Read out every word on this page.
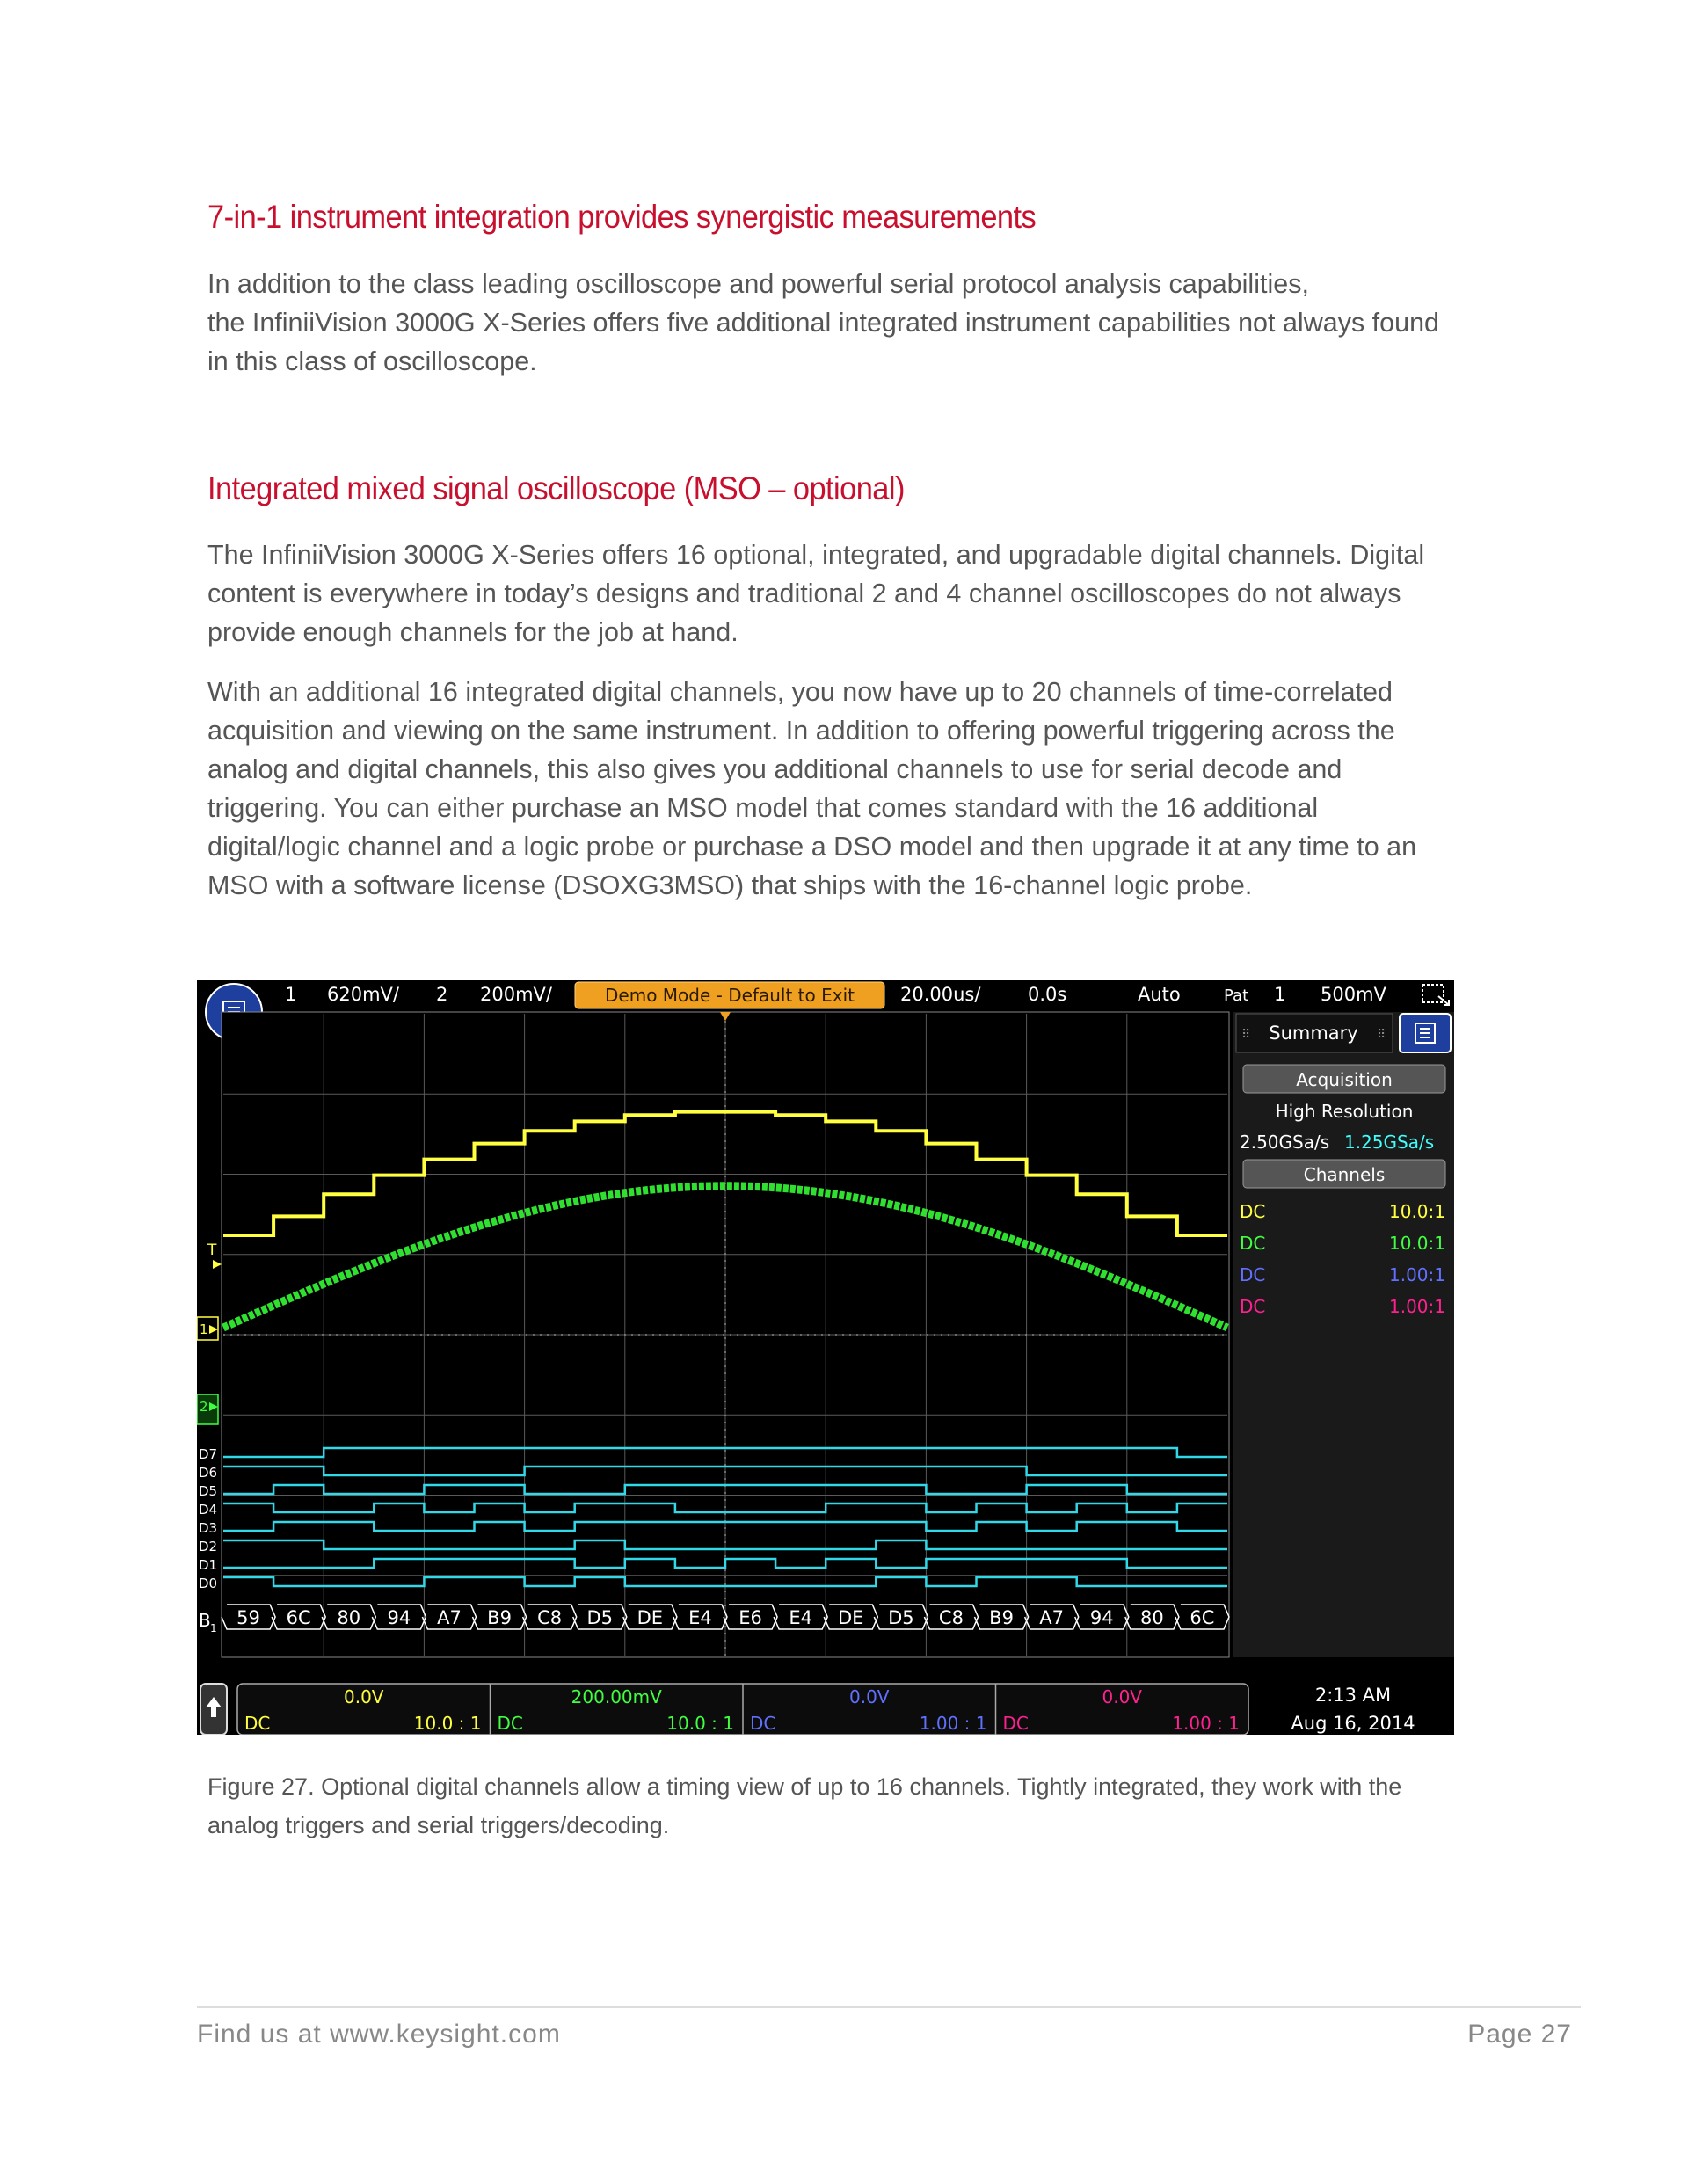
7-in-1 instrument integration provides synergistic measurements

In addition to the class leading oscilloscope and powerful serial protocol analysis capabilities,
the InfiniiVision 3000G X-Series offers five additional integrated instrument capabilities not always found
in this class of oscilloscope.

Integrated mixed signal oscilloscope (MSO – optional)

The InfiniiVision 3000G X-Series offers 16 optional, integrated, and upgradable digital channels. Digital
content is everywhere in today’s designs and traditional 2 and 4 channel oscilloscopes do not always
provide enough channels for the job at hand.

With an additional 16 integrated digital channels, you now have up to 20 channels of time-correlated
acquisition and viewing on the same instrument. In addition to offering powerful triggering across the
analog and digital channels, this also gives you additional channels to use for serial decode and
triggering. You can either purchase an MSO model that comes standard with the 16 additional
digital/logic channel and a logic probe or purchase a DSO model and then upgrade it at any time to an
MSO with a software license (DSOXG3MSO) that ships with the 16-channel logic probe.

1 620mV/ 2 200mV/	Demo Mode - Default to Exit 20.00us/	0.0s	Auto	Pat 1 500mV
59 6C 80 94 A7 B9 C8 D5 DE E4 E6 E4 DE D5 C8 B9 A7 94 80 6C
T
1
2
D7
D6
D5
D4
D3
D2
D1
D0
B 1
⠿	⠿
Summary
Acquisition
High Resolution
2.50GSa/s 1.25GSa/s
Channels
DC	10.0:1
DC	10.0:1
DC	1.00:1
DC	1.00:1
0.0V
DC	10.0 : 1
200.00mV
DC	10.0 : 1
0.0V
DC	1.00 : 1
0.0V
DC	1.00 : 1
2:13 AM
Aug 16, 2014

Figure 27. Optional digital channels allow a timing view of up to 16 channels. Tightly integrated, they work with the
analog triggers and serial triggers/decoding.

Find us at www.keysight.com	Page 27
